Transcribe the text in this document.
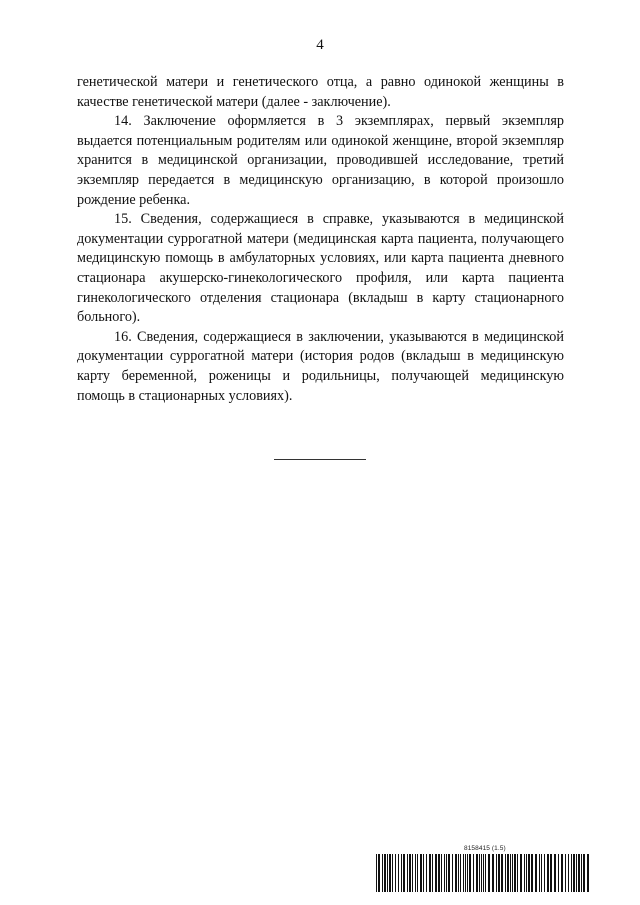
4

генетической матери и генетического отца, а равно одинокой женщины в качестве генетической матери (далее - заключение).

14. Заключение оформляется в 3 экземплярах, первый экземпляр выдается потенциальным родителям или одинокой женщине, второй экземпляр хранится в медицинской организации, проводившей исследование, третий экземпляр передается в медицинскую организацию, в которой произошло рождение ребенка.

15. Сведения, содержащиеся в справке, указываются в медицинской документации суррогатной матери (медицинская карта пациента, получающего медицинскую помощь в амбулаторных условиях, или карта пациента дневного стационара акушерско-гинекологического профиля, или карта пациента гинекологического отделения стационара (вкладыш в карту стационарного больного).

16. Сведения, содержащиеся в заключении, указываются в медицинской документации суррогатной матери (история родов (вкладыш в медицинскую карту беременной, роженицы и родильницы, получающей медицинскую помощь в стационарных условиях).

8158415 (1.5)
